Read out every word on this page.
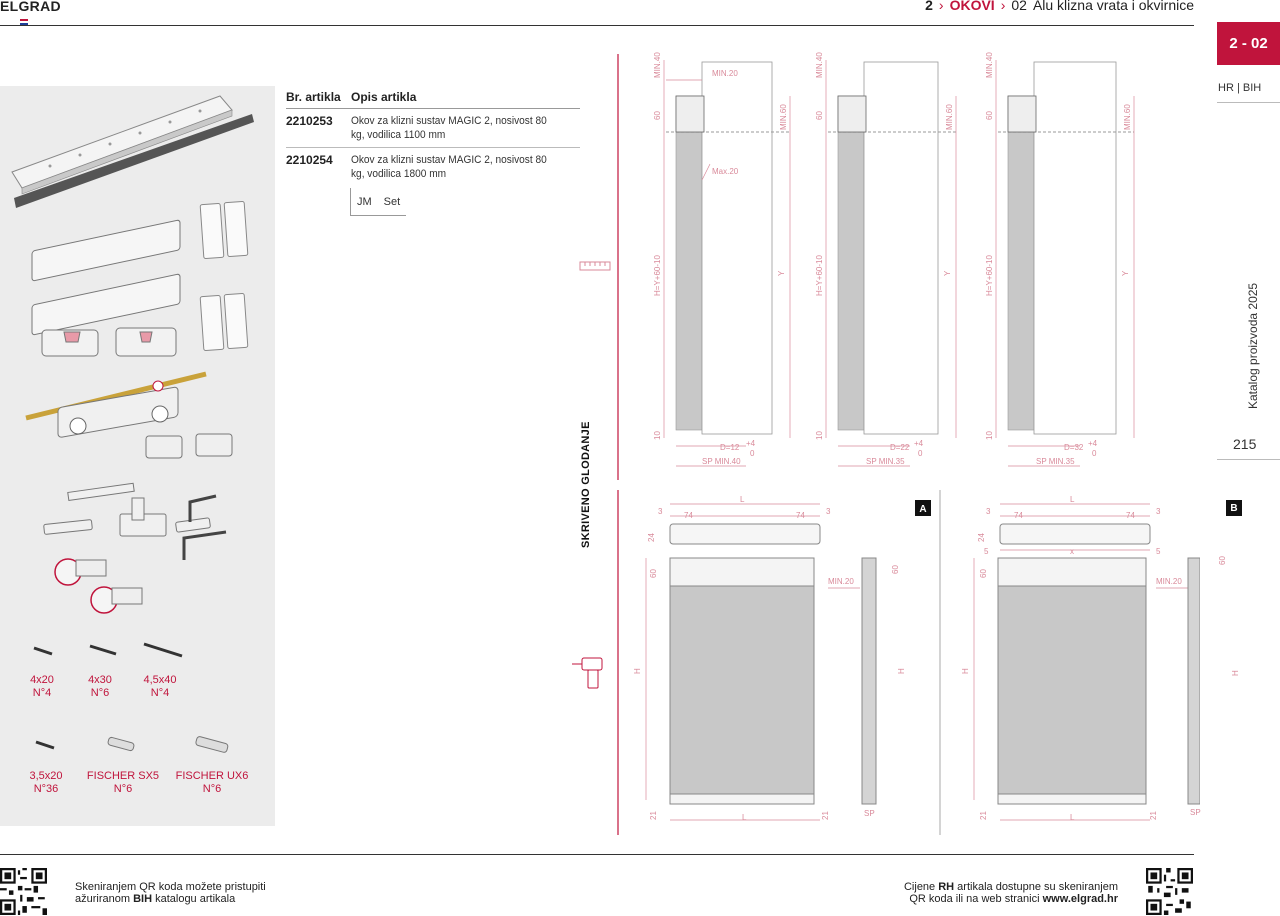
ELGRAD	2 › OKOVI › 02 Alu klizna vrata i okvirnice
2 - 02
HR | BIH
Katalog proizvoda 2025
215
4x20
N°4
4x30
N°6
4,5x40
N°4
3,5x20
N°36
FISCHER SX5
N°6
FISCHER UX6
N°6
Br. artikla Opis artikla
2210253	Okov za klizni sustav MAGIC 2, nosivost 80 kg, vodilica 1100 mm
2210254	Okov za klizni sustav MAGIC 2, nosivost 80 kg, vodilica 1800 mm
JM Set
SKRIVENO GLODANJE	A
MIN.40	MIN.20
60	MIN.60
Max.20
H=Y+60-10	Y
10
D=12 +4
0
SP MIN.40
MIN.40
60	MIN.60
H=Y+60-10	Y
10
D=22 +4
0
SP MIN.35
MIN.40
60	MIN.60
H=Y+60-10	Y
10
D=32 +4
0
SP MIN.35
3	74	74	3
L
24
60
H
21	L	21
MIN.20
60
H
SP
3	74	74	3
L
5	5
x
24
60
H
21	L	21
MIN.20
B
60
H
SP
Skeniranjem QR koda možete pristupiti
ažuriranom BIH katalogu artikala
Cijene RH artikala dostupne su skeniranjem
QR koda ili na web stranici www.elgrad.hr
